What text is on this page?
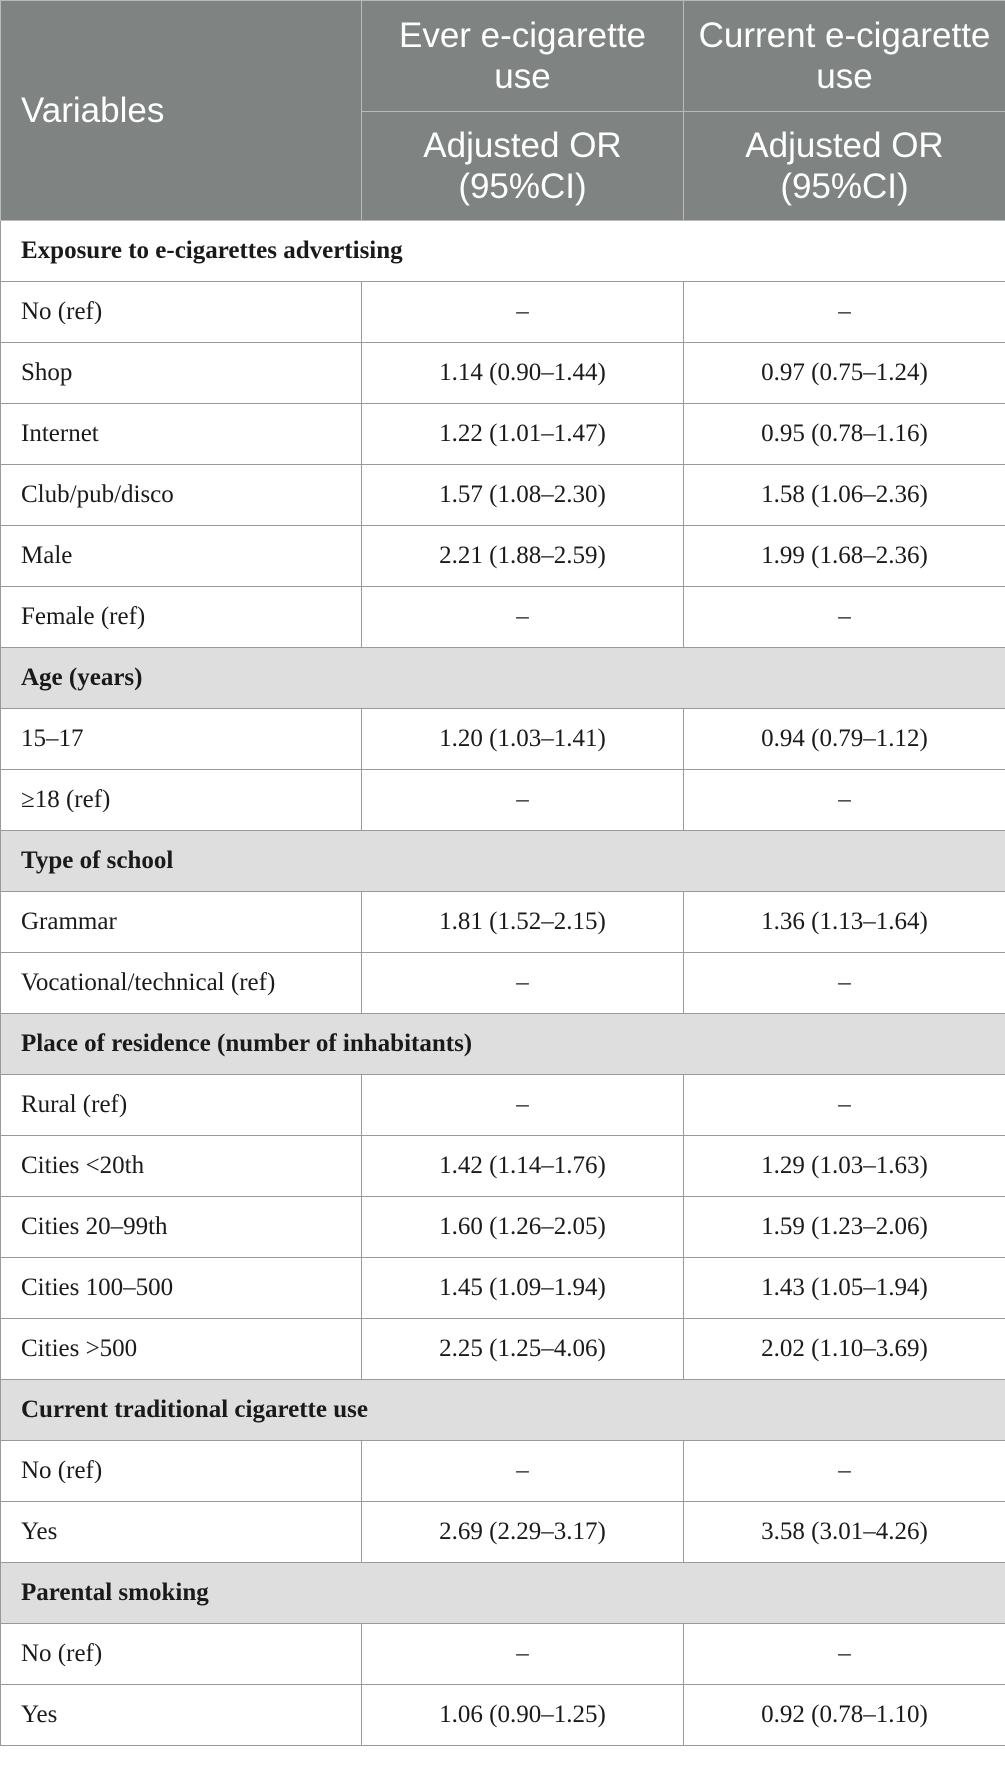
Variables	Ever e-cigarette use	Current e-cigarette use
	Adjusted OR (95%CI)	Adjusted OR (95%CI)
Exposure to e-cigarettes advertising		
No (ref)	–	–
Shop	1.14 (0.90–1.44)	0.97 (0.75–1.24)
Internet	1.22 (1.01–1.47)	0.95 (0.78–1.16)
Club/pub/disco	1.57 (1.08–2.30)	1.58 (1.06–2.36)
Male	2.21 (1.88–2.59)	1.99 (1.68–2.36)
Female (ref)	–	–
Age (years)		
15–17	1.20 (1.03–1.41)	0.94 (0.79–1.12)
≥18 (ref)	–	–
Type of school		
Grammar	1.81 (1.52–2.15)	1.36 (1.13–1.64)
Vocational/technical (ref)	–	–
Place of residence (number of inhabitants)		
Rural (ref)	–	–
Cities <20th	1.42 (1.14–1.76)	1.29 (1.03–1.63)
Cities 20–99th	1.60 (1.26–2.05)	1.59 (1.23–2.06)
Cities 100–500	1.45 (1.09–1.94)	1.43 (1.05–1.94)
Cities >500	2.25 (1.25–4.06)	2.02 (1.10–3.69)
Current traditional cigarette use		
No (ref)	–	–
Yes	2.69 (2.29–3.17)	3.58 (3.01–4.26)
Parental smoking		
No (ref)	–	–
Yes	1.06 (0.90–1.25)	0.92 (0.78–1.10)
